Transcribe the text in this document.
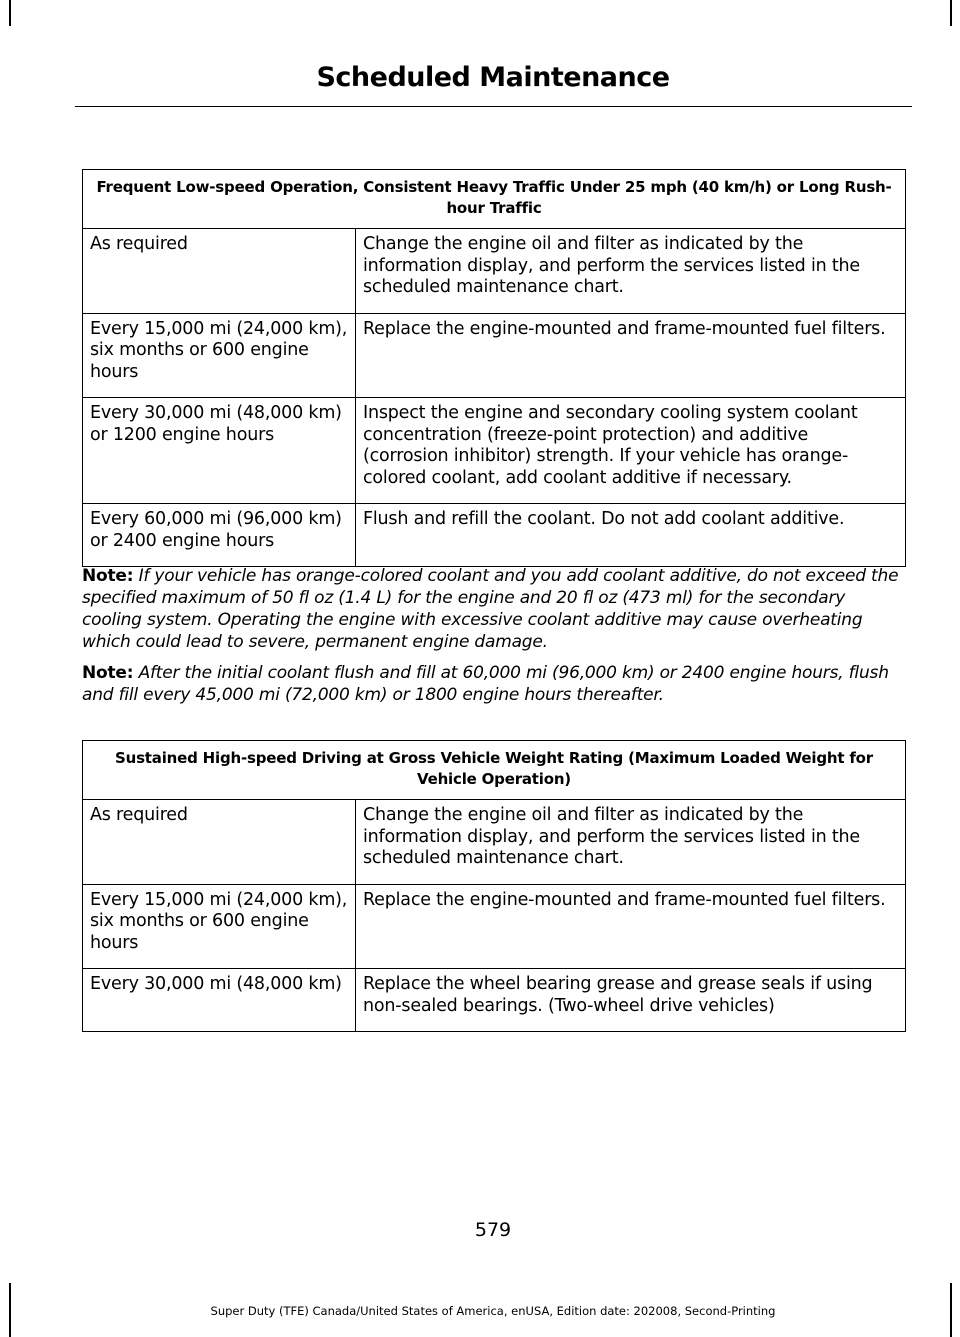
Scheduled Maintenance
Frequent Low-speed Operation, Consistent Heavy Traffic Under 25 mph (40 km/h) or Long Rush-hour Traffic	
As required	Change the engine oil and filter as indicated by the information display, and perform the services listed in the scheduled maintenance chart.
Every 15,000 mi (24,000 km), six months or 600 engine hours	Replace the engine-mounted and frame-mounted fuel filters.
Every 30,000 mi (48,000 km) or 1200 engine hours	Inspect the engine and secondary cooling system coolant concentration (freeze-point protection) and additive (corrosion inhibitor) strength. If your vehicle has orange-colored coolant, add coolant additive if necessary.
Every 60,000 mi (96,000 km) or 2400 engine hours	Flush and refill the coolant. Do not add coolant additive.

Note: If your vehicle has orange-colored coolant and you add coolant additive, do not exceed the specified maximum of 50 fl oz (1.4 L) for the engine and 20 fl oz (473 ml) for the secondary cooling system. Operating the engine with excessive coolant additive may cause overheating which could lead to severe, permanent engine damage.

Note: After the initial coolant flush and fill at 60,000 mi (96,000 km) or 2400 engine hours, flush and fill every 45,000 mi (72,000 km) or 1800 engine hours thereafter.

Sustained High-speed Driving at Gross Vehicle Weight Rating (Maximum Loaded Weight for Vehicle Operation)	
As required	Change the engine oil and filter as indicated by the information display, and perform the services listed in the scheduled maintenance chart.
Every 15,000 mi (24,000 km), six months or 600 engine hours	Replace the engine-mounted and frame-mounted fuel filters.
Every 30,000 mi (48,000 km)	Replace the wheel bearing grease and grease seals if using non-sealed bearings. (Two-wheel drive vehicles)
579
Super Duty (TFE) Canada/United States of America, enUSA, Edition date: 202008, Second-Printing
